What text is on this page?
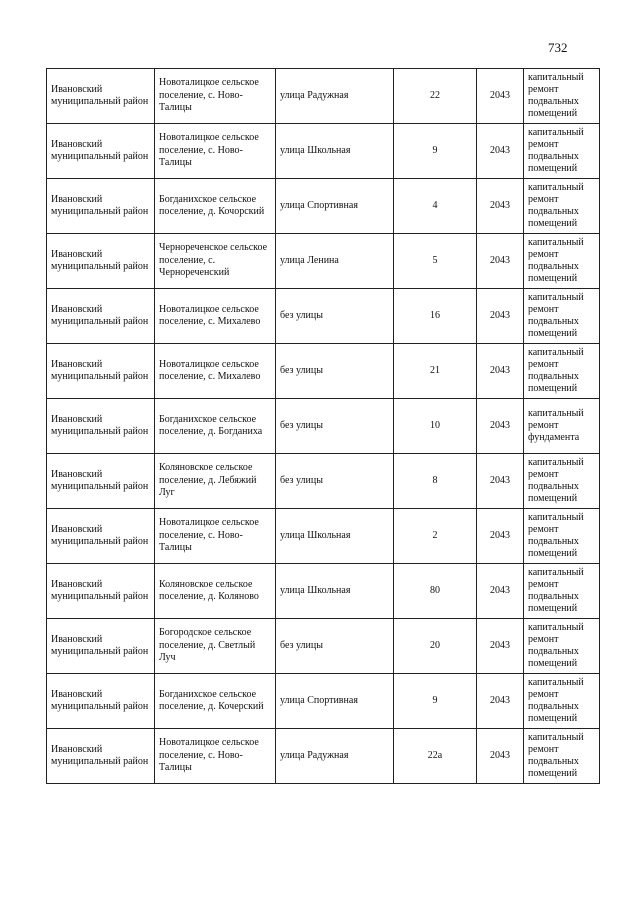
732
Ивановский муниципальный район	Новоталицкое сельское поселение, с. Ново-Талицы	улица Радужная	22	2043	капитальный ремонт подвальных помещений
Ивановский муниципальный район	Новоталицкое сельское поселение, с. Ново-Талицы	улица Школьная	9	2043	капитальный ремонт подвальных помещений
Ивановский муниципальный район	Богданихское сельское поселение, д. Кочорский	улица Спортивная	4	2043	капитальный ремонт подвальных помещений
Ивановский муниципальный район	Чернореченское сельское поселение, с. Чернореченский	улица Ленина	5	2043	капитальный ремонт подвальных помещений
Ивановский муниципальный район	Новоталицкое сельское поселение, с. Михалево	без улицы	16	2043	капитальный ремонт подвальных помещений
Ивановский муниципальный район	Новоталицкое сельское поселение, с. Михалево	без улицы	21	2043	капитальный ремонт подвальных помещений
Ивановский муниципальный район	Богданихское сельское поселение, д. Богданиха	без улицы	10	2043	капитальный ремонт фундамента
Ивановский муниципальный район	Коляновское сельское поселение, д. Лебяжий Луг	без улицы	8	2043	капитальный ремонт подвальных помещений
Ивановский муниципальный район	Новоталицкое сельское поселение, с. Ново-Талицы	улица Школьная	2	2043	капитальный ремонт подвальных помещений
Ивановский муниципальный район	Коляновское сельское поселение, д. Коляново	улица Школьная	80	2043	капитальный ремонт подвальных помещений
Ивановский муниципальный район	Богородское сельское поселение, д. Светлый Луч	без улицы	20	2043	капитальный ремонт подвальных помещений
Ивановский муниципальный район	Богданихское сельское поселение, д. Кочерский	улица Спортивная	9	2043	капитальный ремонт подвальных помещений
Ивановский муниципальный район	Новоталицкое сельское поселение, с. Ново-Талицы	улица Радужная	22а	2043	капитальный ремонт подвальных помещений
